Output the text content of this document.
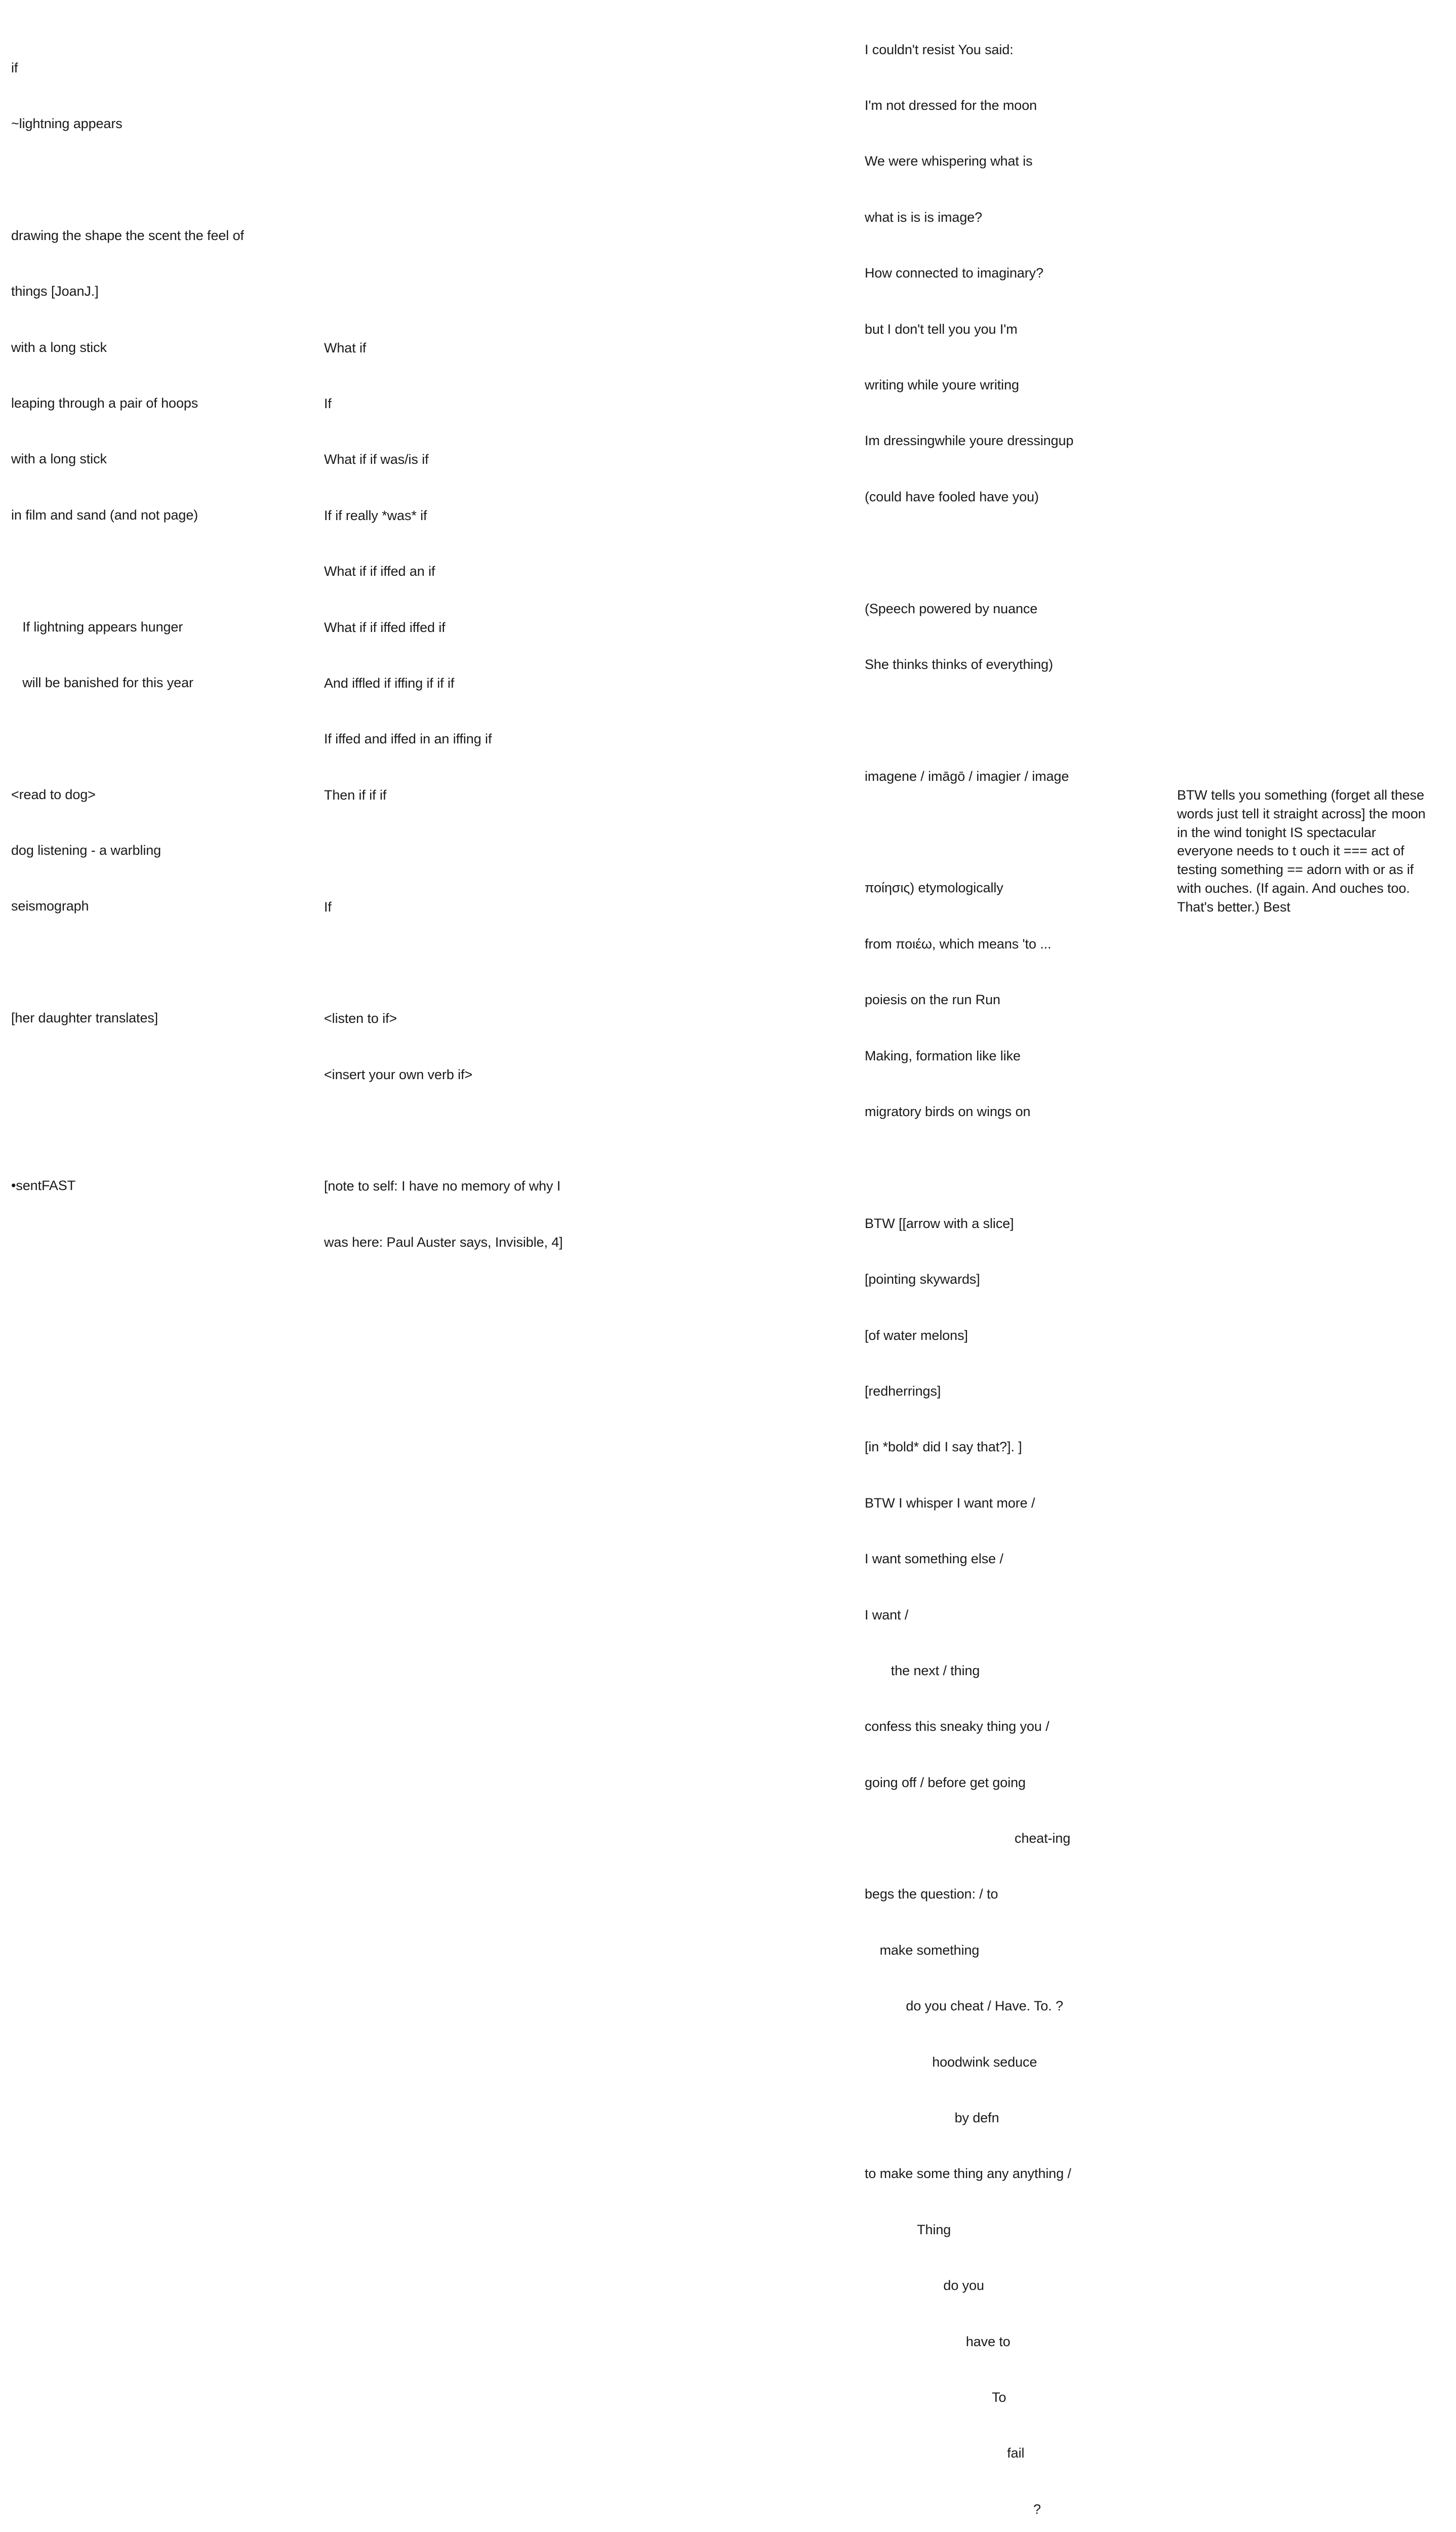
if

~lightning appears

drawing the shape the scent the feel of

things [JoanJ.]

with a long stick

leaping through a pair of hoops

with a long stick

in film and sand (and not page)

If lightning appears hunger

will be banished for this year

<read to dog>

dog listening - a warbling

seismograph

[her daughter translates]

•sentFAST

What if

If

What if if was/is if

If if really *was* if

What if if iffed an if

What if if iffed iffed if

And iffled if iffing if if if

If iffed and iffed in an iffing if

Then if if if

If

<listen to if>

<insert your own verb if>

[note to self: I have no memory of why I

was here: Paul Auster says, Invisible, 4]

I couldn't resist You said:

I'm not dressed for the moon

We were whispering what is

what is is is image?

How connected to imaginary?

but I don't tell you you I'm

writing while youre writing

Im dressingwhile youre dressingup

(could have fooled have you)

(Speech powered by nuance

She thinks thinks of everything)

imagene / imāgō / imagier / image

ποίησις) etymologically

from ποιέω, which means 'to ...

poiesis on the run Run

Making, formation like like

migratory birds on wings on

BTW [[arrow with a slice]

[pointing skywards]

[of water melons]

[redherrings]

[in *bold* did I say that?]. ]

BTW I whisper I want more /

I want something else /

I want /

the next / thing

confess this sneaky thing you /

going off / before get going

cheat-ing

begs the question: / to

make something

do you cheat / Have. To. ?

hoodwink seduce

by defn

to make some thing any anything /

Thing

do you

have to

To

fail

?

BTW tells you something (forget all these
words just tell it straight across] the moon
in the wind tonight IS spectacular
everyone needs to t ouch it === act of
testing something == adorn with or as if
with ouches. (If again. And ouches too.
That's better.) Best
